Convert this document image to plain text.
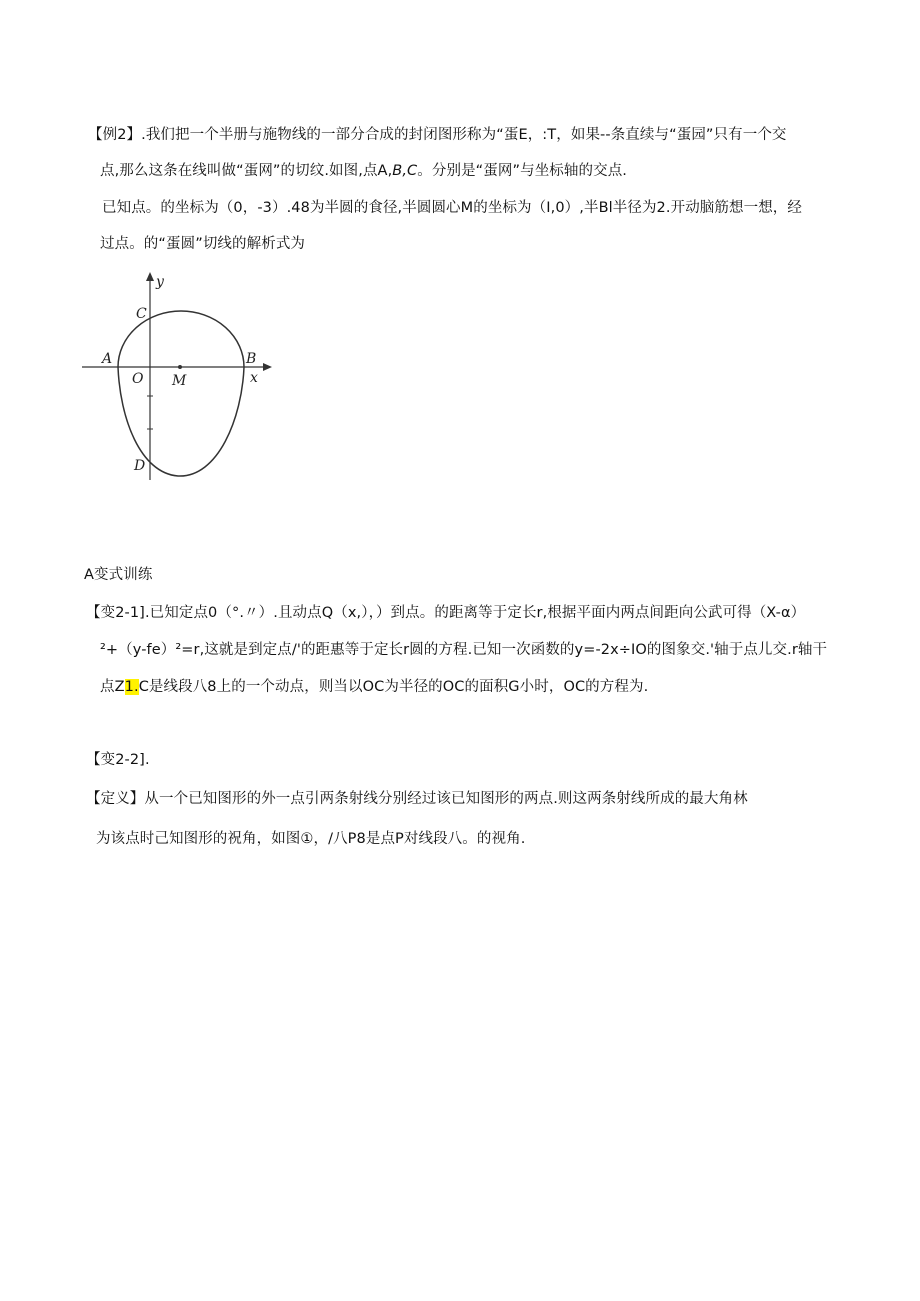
【例2】.我们把一个半册与施物线的一部分合成的封闭图形称为“蛋E，:T，如果--条直续与“蛋园”只有一个交
点,那么这条在线叫做“蛋网”的切纹.如图,点A,B,C。分别是“蛋网”与坐标轴的交点.
已知点。的坐标为（0，-3）.48为半圆的食径,半圆圆心M的坐标为（I,0）,半Bl半径为2.开动脑筋想一想，经
过点。的“蛋圆”切线的解析式为
y
x
C
A
O M
B
D
A变式训练
【变2-1].已知定点0（°.〃）.且动点Q（x,），）到点。的距离等于定长r,根据平面内两点间距向公武可得（X-α）
²+（y-fe）²=r,这就是到定点/'的距惠等于定长r圆的方程.已知一次函数的y=-2x÷IO的图象交.'轴于点儿交.r轴干
点Z1.C是线段八8上的一个动点，则当以OC为半径的OC的面积G小时，OC的方程为.
【变2-2].
【定义】从一个已知图形的外一点引两条射线分别经过该已知图形的两点.则这两条射线所成的最大角林
为该点时己知图形的祝角，如图①，/八P8是点P对线段八。的视角.
